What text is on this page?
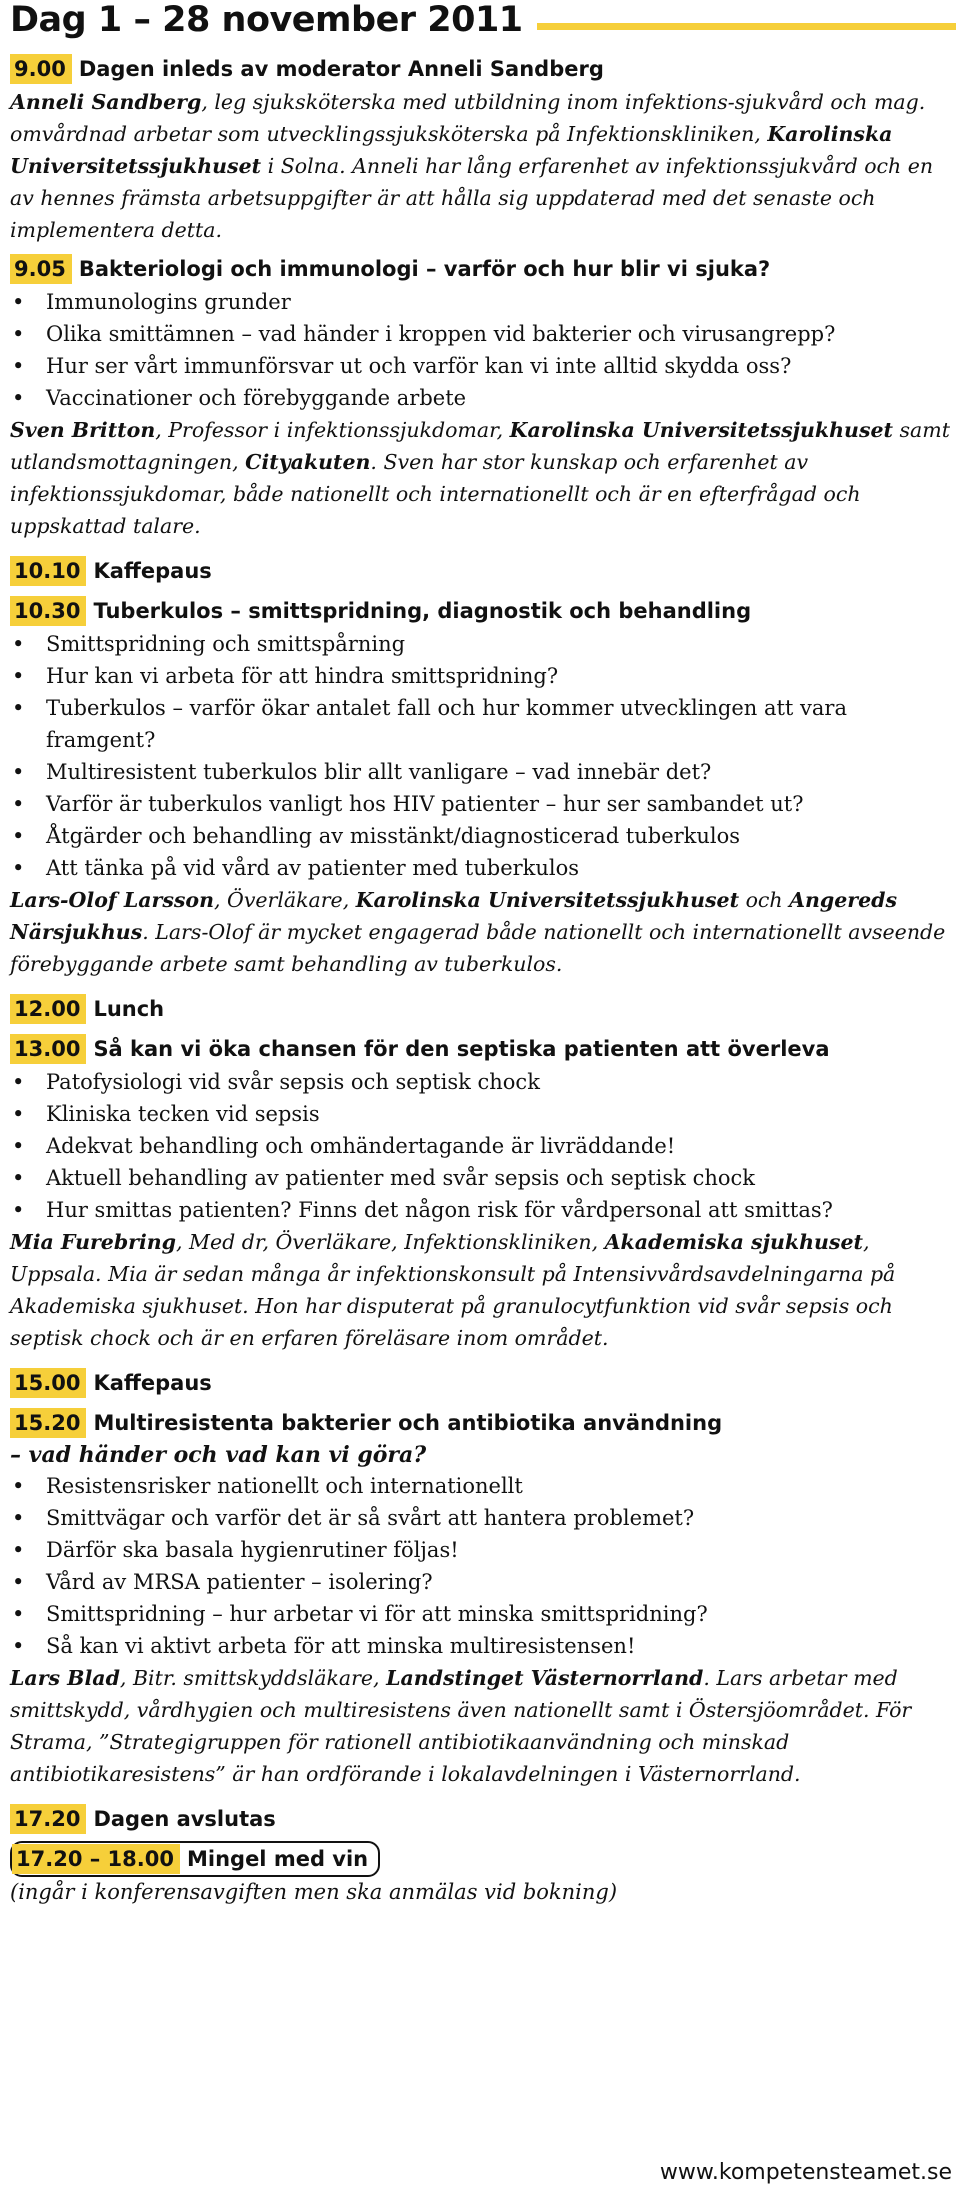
Dag 1 – 28 november 2011
9.00 Dagen inleds av moderator Anneli Sandberg

Anneli Sandberg, leg sjuksköterska med utbildning inom infektions-sjukvård och mag. omvårdnad arbetar som utvecklingssjuksköterska på Infektionskliniken, Karolinska Universitetssjukhuset i Solna. Anneli har lång erfarenhet av infektionssjukvård och en av hennes främsta arbetsuppgifter är att hålla sig uppdaterad med det senaste och implementera detta.

9.05 Bakteriologi och immunologi – varför och hur blir vi sjuka?
• Immunologins grunder
• Olika smittämnen – vad händer i kroppen vid bakterier och virusangrepp?
• Hur ser vårt immunförsvar ut och varför kan vi inte alltid skydda oss?
• Vaccinationer och förebyggande arbete

Sven Britton, Professor i infektionssjukdomar, Karolinska Universitetssjukhuset samt utlandsmottagningen, Cityakuten. Sven har stor kunskap och erfarenhet av infektionssjukdomar, både nationellt och internationellt och är en efterfrågad och uppskattad talare.

10.10 Kaffepaus
10.30 Tuberkulos – smittspridning, diagnostik och behandling
• Smittspridning och smittspårning
• Hur kan vi arbeta för att hindra smittspridning?
• Tuberkulos – varför ökar antalet fall och hur kommer utvecklingen att vara framgent?
• Multiresistent tuberkulos blir allt vanligare – vad innebär det?
• Varför är tuberkulos vanligt hos HIV patienter – hur ser sambandet ut?
• Åtgärder och behandling av misstänkt/diagnosticerad tuberkulos
• Att tänka på vid vård av patienter med tuberkulos

Lars-Olof Larsson, Överläkare, Karolinska Universitetssjukhuset och Angereds Närsjukhus. Lars-Olof är mycket engagerad både nationellt och internationellt avseende förebyggande arbete samt behandling av tuberkulos.

12.00 Lunch
13.00 Så kan vi öka chansen för den septiska patienten att överleva
• Patofysiologi vid svår sepsis och septisk chock
• Kliniska tecken vid sepsis
• Adekvat behandling och omhändertagande är livräddande!
• Aktuell behandling av patienter med svår sepsis och septisk chock
• Hur smittas patienten? Finns det någon risk för vårdpersonal att smittas?

Mia Furebring, Med dr, Överläkare, Infektionskliniken, Akademiska sjukhuset, Uppsala. Mia är sedan många år infektionskonsult på Intensivvårdsavdelningarna på Akademiska sjukhuset. Hon har disputerat på granulocytfunktion vid svår sepsis och septisk chock och är en erfaren föreläsare inom området.

15.00 Kaffepaus
15.20 Multiresistenta bakterier och antibiotika användning
– vad händer och vad kan vi göra?
• Resistensrisker nationellt och internationellt
• Smittvägar och varför det är så svårt att hantera problemet?
• Därför ska basala hygienrutiner följas!
• Vård av MRSA patienter – isolering?
• Smittspridning – hur arbetar vi för att minska smittspridning?
• Så kan vi aktivt arbeta för att minska multiresistensen!

Lars Blad, Bitr. smittskyddsläkare, Landstinget Västernorrland. Lars arbetar med smittskydd, vårdhygien och multiresistens även nationellt samt i Östersjöområdet. För Strama, ”Strategigruppen för rationell antibiotikaanvändning och minskad antibiotikaresistens” är han ordförande i lokalavdelningen i Västernorrland.

17.20 Dagen avslutas
17.20 – 18.00 Mingel med vin
(ingår i konferensavgiften men ska anmälas vid bokning)
www.kompetensteamet.se
